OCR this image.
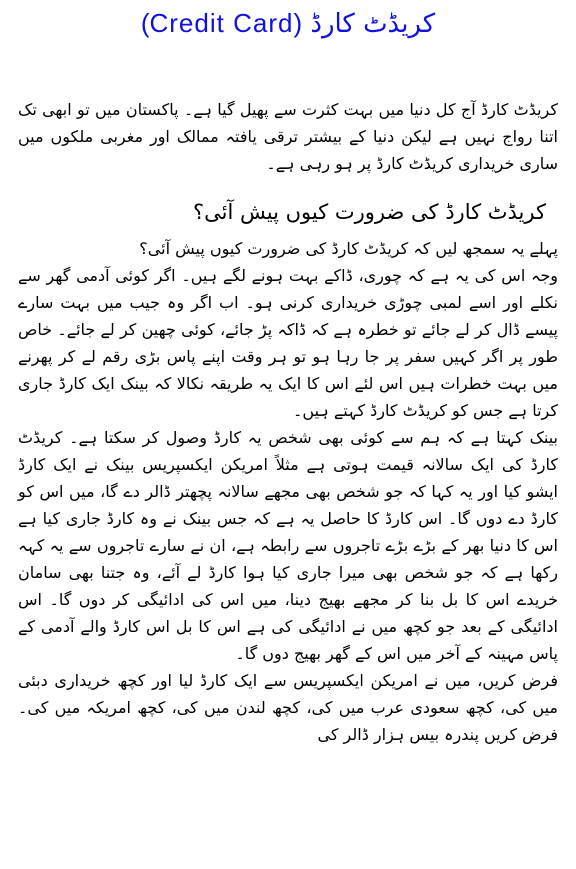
کریڈٹ کارڈ (Credit Card)

کریڈٹ کارڈ آج کل دنیا میں بہت کثرت سے پھیل گیا ہے۔ پاکستان میں تو ابھی تک اتنا رواج نہیں ہے لیکن دنیا کے بیشتر ترقی یافتہ ممالک اور مغربی ملکوں میں ساری خریداری کریڈٹ کارڈ پر ہو رہی ہے۔

کریڈٹ کارڈ کی ضرورت کیوں پیش آئی؟

پہلے یہ سمجھ لیں کہ کریڈٹ کارڈ کی ضرورت کیوں پیش آئی؟

وجہ اس کی یہ ہے کہ چوری، ڈاکے بہت ہونے لگے ہیں۔ اگر کوئی آدمی گھر سے نکلے اور اسے لمبی چوڑی خریداری کرنی ہو۔ اب اگر وہ جیب میں بہت سارے پیسے ڈال کر لے جائے تو خطرہ ہے کہ ڈاکہ پڑ جائے، کوئی چھین کر لے جائے۔ خاص طور پر اگر کہیں سفر پر جا رہا ہو تو ہر وقت اپنے پاس بڑی رقم لے کر پھرنے میں بہت خطرات ہیں اس لئے اس کا ایک یہ طریقہ نکالا کہ بینک ایک کارڈ جاری کرتا ہے جس کو کریڈٹ کارڈ کہتے ہیں۔

بینک کہتا ہے کہ ہم سے کوئی بھی شخص یہ کارڈ وصول کر سکتا ہے۔ کریڈٹ کارڈ کی ایک سالانہ قیمت ہوتی ہے مثلاً امریکن ایکسپریس بینک نے ایک کارڈ ایشو کیا اور یہ کہا کہ جو شخص بھی مجھے سالانہ پچھتر ڈالر دے گا، میں اس کو کارڈ دے دوں گا۔ اس کارڈ کا حاصل یہ ہے کہ جس بینک نے وہ کارڈ جاری کیا ہے اس کا دنیا بھر کے بڑے بڑے تاجروں سے رابطہ ہے، ان نے سارے تاجروں سے یہ کہہ رکھا ہے کہ جو شخص بھی میرا جاری کیا ہوا کارڈ لے آئے، وہ جتنا بھی سامان خریدے اس کا بل بنا کر مجھے بھیج دینا، میں اس کی ادائیگی کر دوں گا۔ اس ادائیگی کے بعد جو کچھ میں نے ادائیگی کی ہے اس کا بل اس کارڈ والے آدمی کے پاس مہینہ کے آخر میں اس کے گھر بھیج دوں گا۔

فرض کریں، میں نے امریکن ایکسپریس سے ایک کارڈ لیا اور کچھ خریداری دبئی میں کی، کچھ سعودی عرب میں کی، کچھ لندن میں کی، کچھ امریکہ میں کی۔ فرض کریں پندرہ بیس ہزار ڈالر کی
